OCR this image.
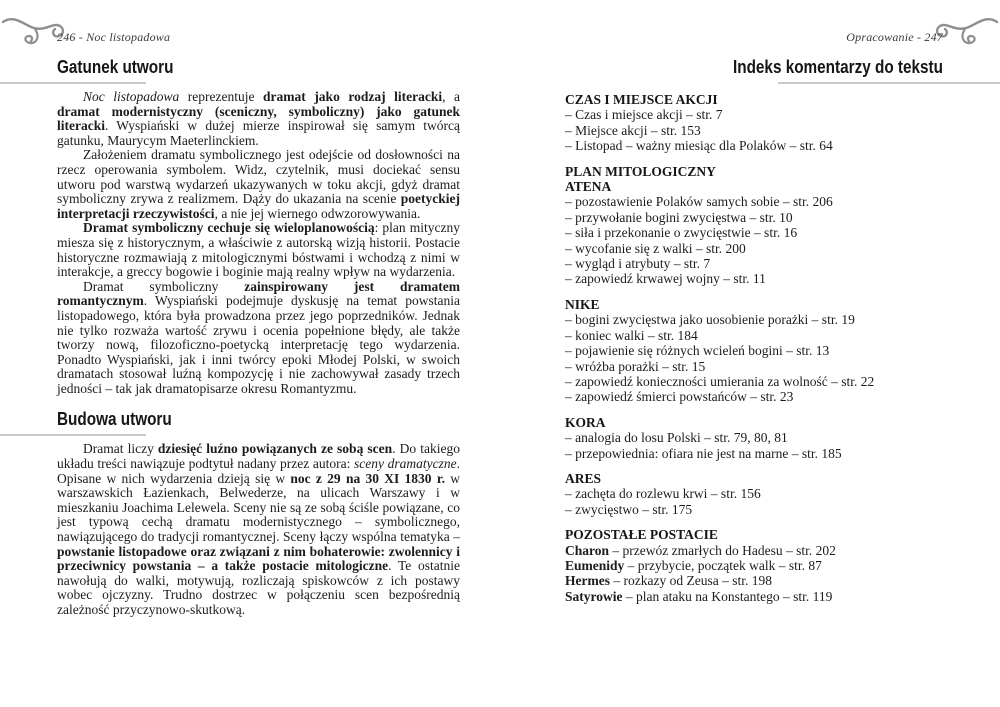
246 - Noc listopadowa
Gatunek utworu

Noc listopadowa reprezentuje dramat jako rodzaj literacki, a dramat modernistyczny (sceniczny, symboliczny) jako gatunek literacki. Wyspiański w dużej mierze inspirował się samym twórcą gatunku, Maurycym Maeterlinckiem.

Założeniem dramatu symbolicznego jest odejście od dosłowności na rzecz operowania symbolem. Widz, czytelnik, musi dociekać sensu utworu pod warstwą wydarzeń ukazywanych w toku akcji, gdyż dramat symboliczny zrywa z realizmem. Dąży do ukazania na scenie poetyckiej interpretacji rzeczywistości, a nie jej wiernego odwzorowywania.

Dramat symboliczny cechuje się wieloplanowością: plan mityczny miesza się z historycznym, a właściwie z autorską wizją historii. Postacie historyczne rozmawiają z mitologicznymi bóstwami i wchodzą z nimi w interakcje, a greccy bogowie i boginie mają realny wpływ na wydarzenia.

Dramat symboliczny zainspirowany jest dramatem romantycznym. Wyspiański podejmuje dyskusję na temat powstania listopadowego, która była prowadzona przez jego poprzedników. Jednak nie tylko rozważa wartość zrywu i ocenia popełnione błędy, ale także tworzy nową, filozoficzno-poetycką interpretację tego wydarzenia. Ponadto Wyspiański, jak i inni twórcy epoki Młodej Polski, w swoich dramatach stosował luźną kompozycję i nie zachowywał zasady trzech jedności – tak jak dramatopisarze okresu Romantyzmu.

Budowa utworu

Dramat liczy dziesięć luźno powiązanych ze sobą scen. Do takiego układu treści nawiązuje podtytuł nadany przez autora: sceny dramatyczne. Opisane w nich wydarzenia dzieją się w noc z 29 na 30 XI 1830 r. w warszawskich Łazienkach, Belwederze, na ulicach Warszawy i w mieszkaniu Joachima Lelewela. Sceny nie są ze sobą ściśle powiązane, co jest typową cechą dramatu modernistycznego – symbolicznego, nawiązującego do tradycji romantycznej. Sceny łączy wspólna tematyka – powstanie listopadowe oraz związani z nim bohaterowie: zwolennicy i przeciwnicy powstania – a także postacie mitologiczne. Te ostatnie nawołują do walki, motywują, rozliczają spiskowców z ich postawy wobec ojczyzny. Trudno dostrzec w połączeniu scen bezpośrednią zależność przyczynowo-skutkową.

Opracowanie - 247
Indeks komentarzy do tekstu
CZAS I MIEJSCE AKCJI
– Czas i miejsce akcji – str. 7
– Miejsce akcji – str. 153
– Listopad – ważny miesiąc dla Polaków – str. 64
PLAN MITOLOGICZNY
ATENA
– pozostawienie Polaków samych sobie – str. 206
– przywołanie bogini zwycięstwa – str. 10
– siła i przekonanie o zwycięstwie – str. 16
– wycofanie się z walki – str. 200
– wygląd i atrybuty – str. 7
– zapowiedź krwawej wojny – str. 11
NIKE
– bogini zwycięstwa jako uosobienie porażki – str. 19
– koniec walki – str. 184
– pojawienie się różnych wcieleń bogini – str. 13
– wróżba porażki – str. 15
– zapowiedź konieczności umierania za wolność – str. 22
– zapowiedź śmierci powstańców – str. 23
KORA
– analogia do losu Polski – str. 79, 80, 81
– przepowiednia: ofiara nie jest na marne – str. 185
ARES
– zachęta do rozlewu krwi – str. 156
– zwycięstwo – str. 175
POZOSTAŁE POSTACIE
Charon – przewóz zmarłych do Hadesu – str. 202
Eumenidy – przybycie, początek walk – str. 87
Hermes – rozkazy od Zeusa – str. 198
Satyrowie – plan ataku na Konstantego – str. 119
